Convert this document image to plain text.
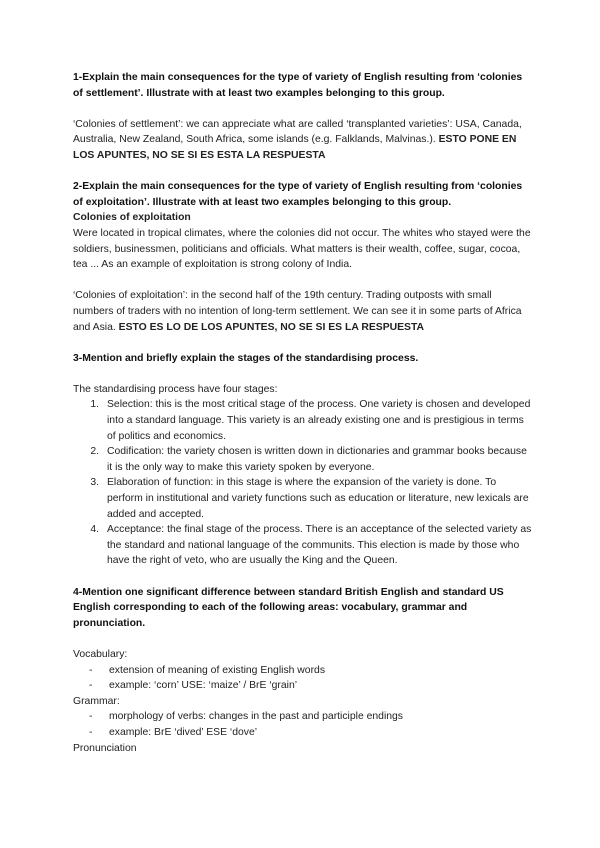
1-Explain the main consequences for the type of variety of English resulting from ‘colonies of settlement’. Illustrate with at least two examples belonging to this group.

‘Colonies of settlement’: we can appreciate what are called ‘transplanted varieties’: USA, Canada, Australia, New Zealand, South Africa, some islands (e.g. Falklands, Malvinas.). ESTO PONE EN LOS APUNTES, NO SE SI ES ESTA LA RESPUESTA

2-Explain the main consequences for the type of variety of English resulting from ‘colonies of exploitation’. Illustrate with at least two examples belonging to this group.

Colonies of exploitation

Were located in tropical climates, where the colonies did not occur. The whites who stayed were the soldiers, businessmen, politicians and officials. What matters is their wealth, coffee, sugar, cocoa, tea ... As an example of exploitation is strong colony of India.

‘Colonies of exploitation’: in the second half of the 19th century. Trading outposts with small numbers of traders with no intention of long-term settlement. We can see it in some parts of Africa and Asia. ESTO ES LO DE LOS APUNTES, NO SE SI ES LA RESPUESTA

3-Mention and briefly explain the stages of the standardising process.

The standardising process have four stages:

1. Selection: this is the most critical stage of the process. One variety is chosen and developed into a standard language. This variety is an already existing one and is prestigious in terms of politics and economics.
2. Codification: the variety chosen is written down in dictionaries and grammar books because it is the only way to make this variety spoken by everyone.
3. Elaboration of function: in this stage is where the expansion of the variety is done. To perform in institutional and variety functions such as education or literature, new lexicals are added and accepted.
4. Acceptance: the final stage of the process. There is an acceptance of the selected variety as the standard and national language of the communits. This election is made by those who have the right of veto, who are usually the King and the Queen.

4-Mention one significant difference between standard British English and standard US English corresponding to each of the following areas: vocabulary, grammar and pronunciation.

Vocabulary:

- extension of meaning of existing English words
- example: ‘corn’ USE: ‘maize’ / BrE ‘grain’

Grammar:

- morphology of verbs: changes in the past and participle endings
- example: BrE ‘dived’ ESE ‘dove’

Pronunciation
